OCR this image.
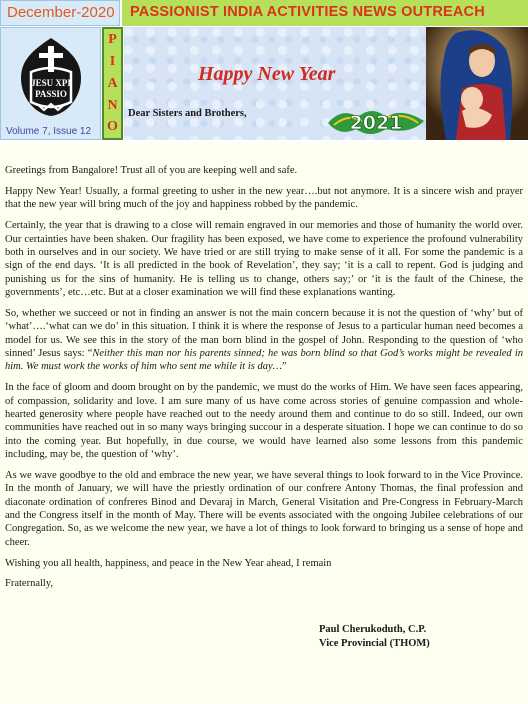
December-2020 PASSIONIST INDIA ACTIVITIES NEWS OUTREACH
JESU XPI
PASSIO
Volume 7, Issue 12
P
I
A
N
O
Happy New Year
Dear Sisters and Brothers,	2021

Greetings from Bangalore! Trust all of you are keeping well and safe.

Happy New Year! Usually, a formal greeting to usher in the new year….but not anymore. It is a sincere wish and prayer that the new year will bring much of the joy and happiness robbed by the pandemic.

Certainly, the year that is drawing to a close will remain engraved in our memories and those of humanity the world over. Our certainties have been shaken. Our fragility has been exposed, we have come to experience the profound vulnerability both in ourselves and in our society. We have tried or are still trying to make sense of it all. For some the pandemic is a sign of the end days. ‘It is all predicted in the book of Revelation’, they say; ‘it is a call to repent. God is judging and punishing us for the sins of humanity. He is telling us to change, others say;’ or ‘it is the fault of the Chinese, the governments’, etc…etc. But at a closer examination we will find these explanations wanting.

So, whether we succeed or not in finding an answer is not the main concern because it is not the question of ‘why’ but of ‘what’….‘what can we do’ in this situation. I think it is where the response of Jesus to a particular human need becomes a model for us. We see this in the story of the man born blind in the gospel of John. Responding to the question of ‘who sinned’ Jesus says: “Neither this man nor his parents sinned; he was born blind so that God’s works might be revealed in him. We must work the works of him who sent me while it is day…”

In the face of gloom and doom brought on by the pandemic, we must do the works of Him. We have seen faces appearing, of compassion, solidarity and love. I am sure many of us have come across stories of genuine compassion and whole-hearted generosity where people have reached out to the needy around them and continue to do so still. Indeed, our own communities have reached out in so many ways bringing succour in a desperate situation. I hope we can continue to do so into the coming year. But hopefully, in due course, we would have learned also some lessons from this pandemic including, may be, the question of ‘why’.

As we wave goodbye to the old and embrace the new year, we have several things to look forward to in the Vice Province. In the month of January, we will have the priestly ordination of our confrere Antony Thomas, the final profession and diaconate ordination of confreres Binod and Devaraj in March, General Visitation and Pre-Congress in February-March and the Congress itself in the month of May. There will be events associated with the ongoing Jubilee celebrations of our Congregation. So, as we welcome the new year, we have a lot of things to look forward to bringing us a sense of hope and cheer.

Wishing you all health, happiness, and peace in the New Year ahead, I remain

Fraternally,

Paul Cherukoduth, C.P.
Vice Provincial (THOM)
